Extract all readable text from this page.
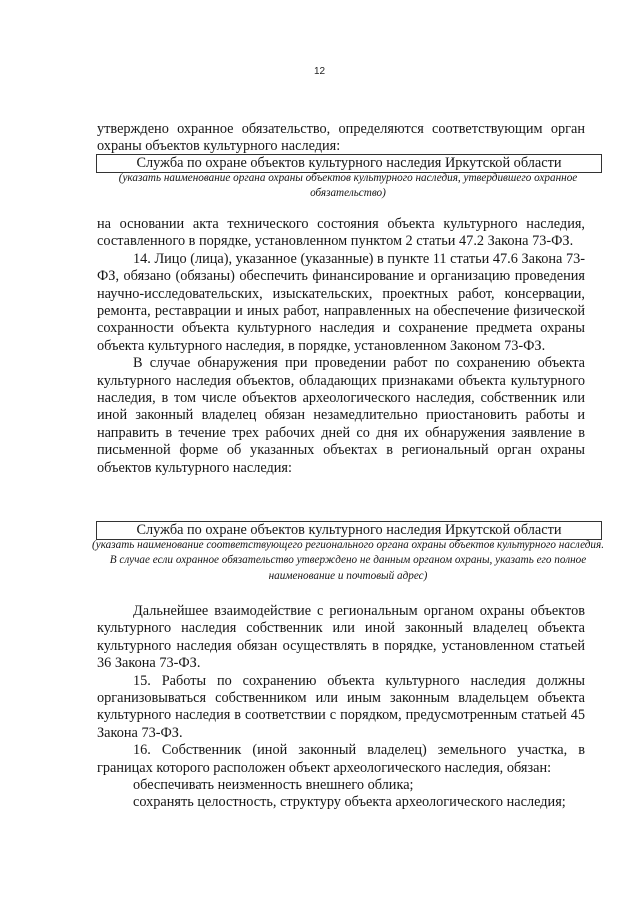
12

утверждено охранное обязательство, определяются соответствующим орган охраны объектов культурного наследия:

Служба по охране объектов культурного наследия Иркутской области
(указать наименование органа охраны объектов культурного наследия, утвердившего охранное обязательство)

на основании акта технического состояния объекта культурного наследия, составленного в порядке, установленном пунктом 2 статьи 47.2 Закона 73-ФЗ.

14. Лицо (лица), указанное (указанные) в пункте 11 статьи 47.6 Закона 73-ФЗ, обязано (обязаны) обеспечить финансирование и организацию проведения научно-исследовательских, изыскательских, проектных работ, консервации, ремонта, реставрации и иных работ, направленных на обеспечение физической сохранности объекта культурного наследия и сохранение предмета охраны объекта культурного наследия, в порядке, установленном Законом 73-ФЗ.

В случае обнаружения при проведении работ по сохранению объекта культурного наследия объектов, обладающих признаками объекта культурного наследия, в том числе объектов археологического наследия, собственник или иной законный владелец обязан незамедлительно приостановить работы и направить в течение трех рабочих дней со дня их обнаружения заявление в письменной форме об указанных объектах в региональный орган охраны объектов культурного наследия:

Служба по охране объектов культурного наследия Иркутской области
(указать наименование соответствующего регионального органа охраны объектов культурного наследия. В случае если охранное обязательство утверждено не данным органом охраны, указать его полное наименование и почтовый адрес)

Дальнейшее взаимодействие с региональным органом охраны объектов культурного наследия собственник или иной законный владелец объекта культурного наследия обязан осуществлять в порядке, установленном статьей 36 Закона 73-ФЗ.

15. Работы по сохранению объекта культурного наследия должны организовываться собственником или иным законным владельцем объекта культурного наследия в соответствии с порядком, предусмотренным статьей 45 Закона 73-ФЗ.

16. Собственник (иной законный владелец) земельного участка, в границах которого расположен объект археологического наследия, обязан:

обеспечивать неизменность внешнего облика;

сохранять целостность, структуру объекта археологического наследия;
